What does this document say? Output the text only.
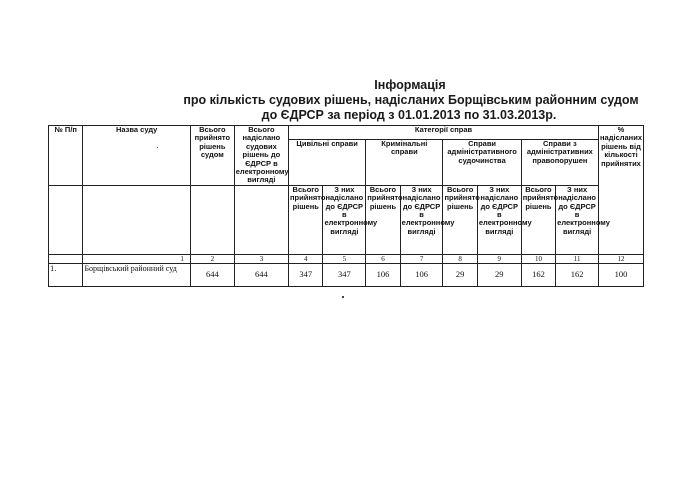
Інформація
про кількість судових рішень, надісланих Борщівським районним судом
до ЄДРСР за період з 01.01.2013 по 31.03.2013р.
№ П/п	Назва суду	Всього прийнято рішень судом	Всього надіслано судових рішень до ЄДРСР в електронному вигляді	Категорії справ								% надісланих рішень від кількості прийнятих
				Цивільні справи		Кримінальні справи		Справи адміністративного судочинства		Справи з адміністративних правопорушен		
				Всього прийнято рішень	З них надіслано до ЄДРСР в електронному вигляді	Всього прийнято рішень	З них надіслано до ЄДРСР в електронному вигляді	Всього прийнято рішень	З них надіслано до ЄДРСР в електронному вигляді	Всього прийнято рішень	З них надіслано до ЄДРСР в електронному вигляді	
	1	2	3	4	5	6	7	8	9	10	11	12
1.	Борщівський районний суд	644	644	347	347	106	106	29	29	162	162	100
